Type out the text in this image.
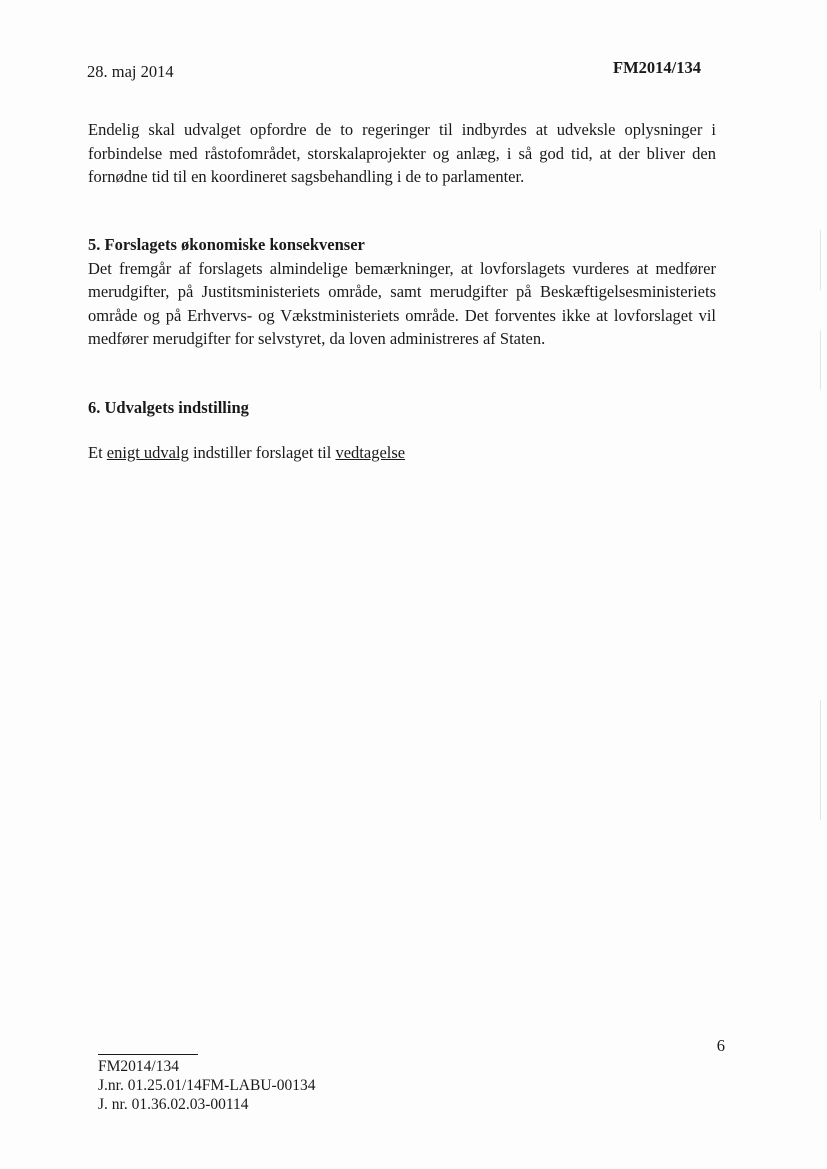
28. maj 2014	FM2014/134

Endelig skal udvalget opfordre de to regeringer til indbyrdes at udveksle oplysninger i forbindelse med råstofområdet, storskalaprojekter og anlæg, i så god tid, at der bliver den fornødne tid til en koordineret sagsbehandling i de to parlamenter.

5. Forslagets økonomiske konsekvenser

Det fremgår af forslagets almindelige bemærkninger, at lovforslagets vurderes at medfører merudgifter, på Justitsministeriets område, samt merudgifter på Beskæftigelsesministeriets område og på Erhvervs- og Vækstministeriets område. Det forventes ikke at lovforslaget vil medfører merudgifter for selvstyret, da loven administreres af Staten.

6. Udvalgets indstilling

Et enigt udvalg indstiller forslaget til vedtagelse

6
FM2014/134
J.nr. 01.25.01/14FM-LABU-00134
J. nr. 01.36.02.03-00114
